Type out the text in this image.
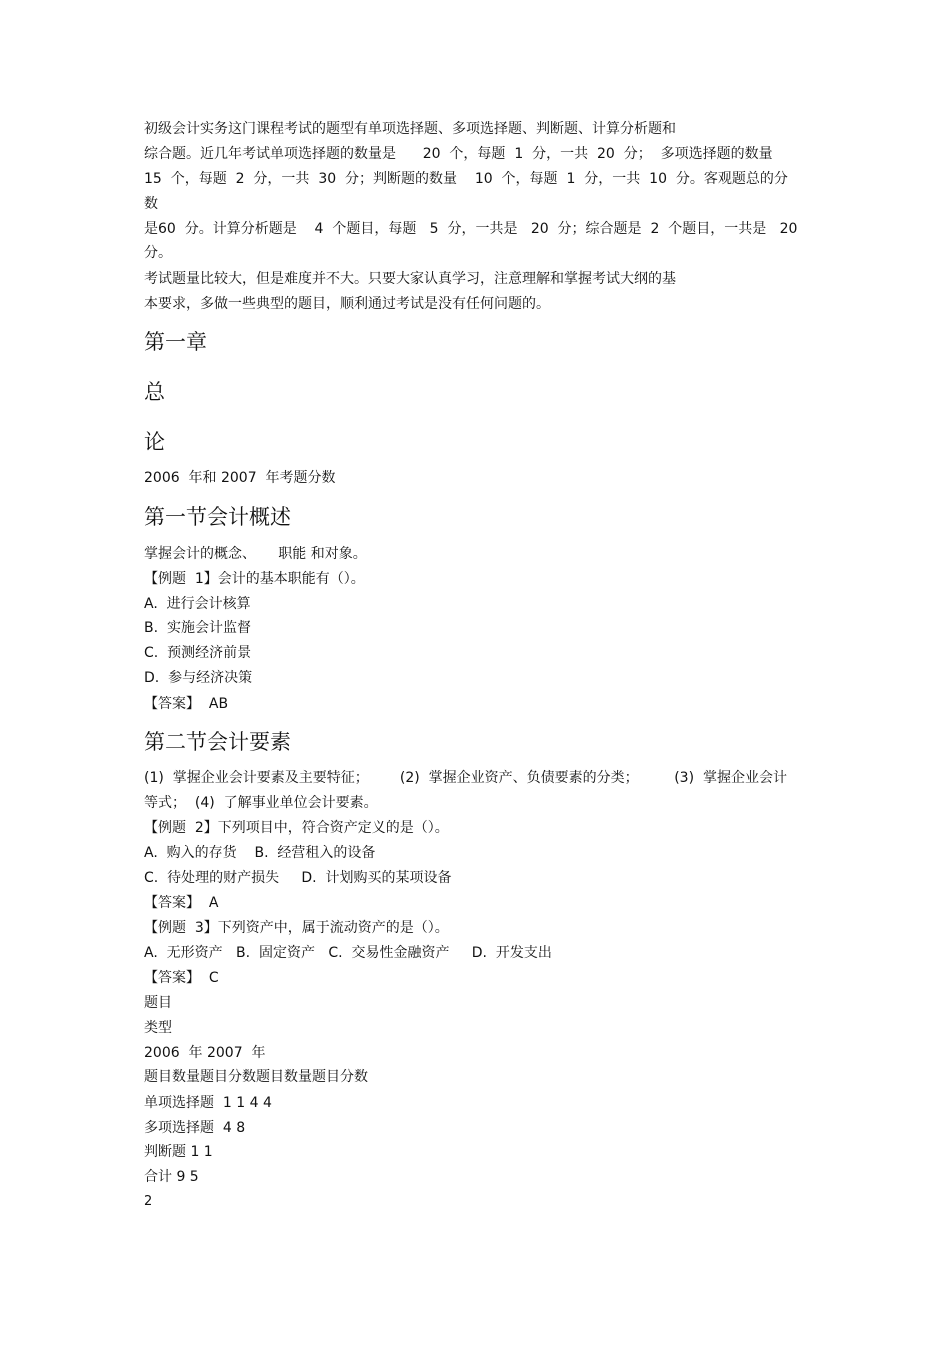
初级会计实务这门课程考试的题型有单项选择题、多项选择题、判断题、计算分析题和

综合题。近几年考试单项选择题的数量是      20  个，每题  1  分，一共  20  分；  多项选择题的数量

15  个，每题  2  分，一共  30  分；判断题的数量    10  个，每题  1  分，一共  10  分。客观题总的分

数

是60  分。计算分析题是    4  个题目，每题   5  分，一共是   20  分；综合题是  2  个题目，一共是   20

分。

考试题量比较大，但是难度并不大。只要大家认真学习，注意理解和掌握考试大纲的基

本要求，多做一些典型的题目，顺利通过考试是没有任何问题的。

第一章

总

论

2006  年和 2007  年考题分数

第一节会计概述

掌握会计的概念、     职能 和对象。

【例题  1】会计的基本职能有（）。

A.  进行会计核算

B.  实施会计监督

C.  预测经济前景

D.  参与经济决策

【答案】  AB

第二节会计要素

(1)  掌握企业会计要素及主要特征；       (2)  掌握企业资产、负债要素的分类；        (3)  掌握企业会计

等式；  (4)  了解事业单位会计要素。

【例题  2】下列项目中，符合资产定义的是（）。

A.  购入的存货    B.  经营租入的设备

C.  待处理的财产损失     D.  计划购买的某项设备

【答案】  A

【例题  3】下列资产中，属于流动资产的是（）。

A.  无形资产   B.  固定资产   C.  交易性金融资产     D.  开发支出

【答案】  C

题目

类型

2006  年 2007  年

题目数量题目分数题目数量题目分数

单项选择题  1 1 4 4

多项选择题  4 8

判断题 1 1

合计 9 5

2
